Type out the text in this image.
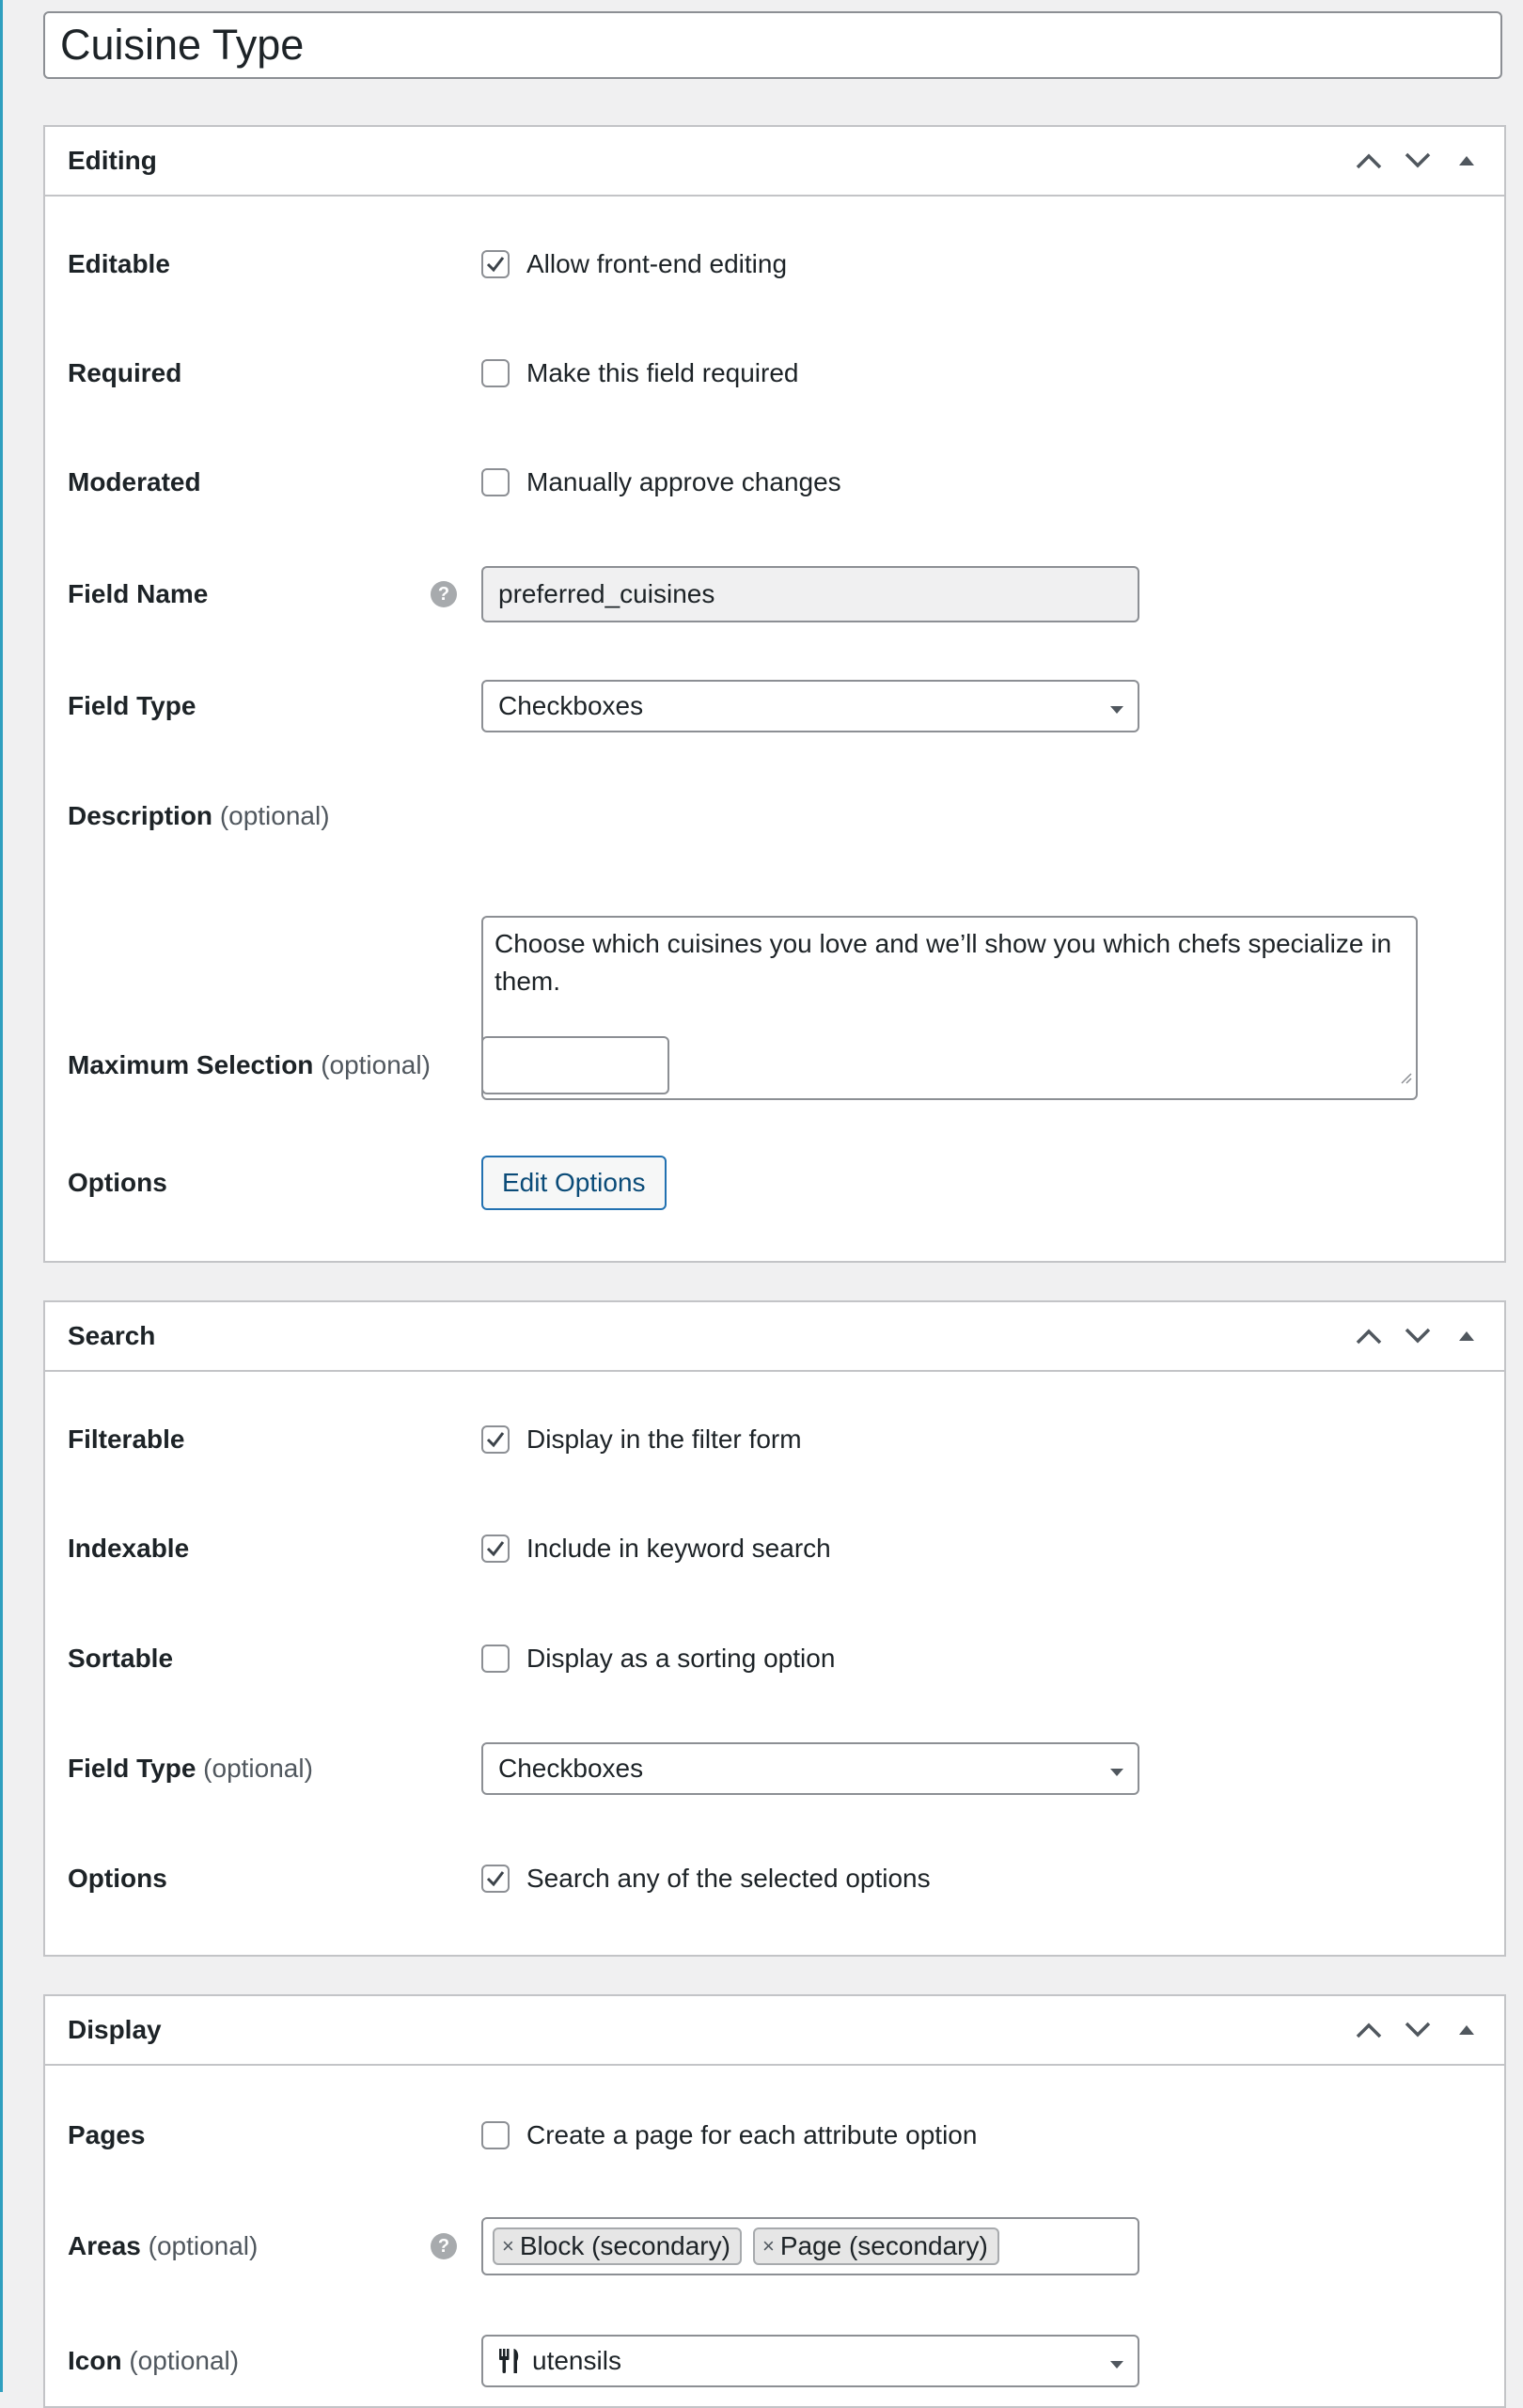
Cuisine Type
Editing
Editable	Allow front-end editing
Required	Make this field required
Moderated	Manually approve changes
Field Name	?	preferred_cuisines
Field Type	Checkboxes
Description (optional)
Choose which cuisines you love and we’ll show you which chefs specialize in them.
Maximum Selection (optional)
Options	Edit Options
Search
Filterable	Display in the filter form
Indexable	Include in keyword search
Sortable	Display as a sorting option
Field Type (optional)	Checkboxes
Options	Search any of the selected options
Display
Pages	Create a page for each attribute option
Areas (optional)	?	× Block (secondary) × Page (secondary)
Icon (optional)	utensils
